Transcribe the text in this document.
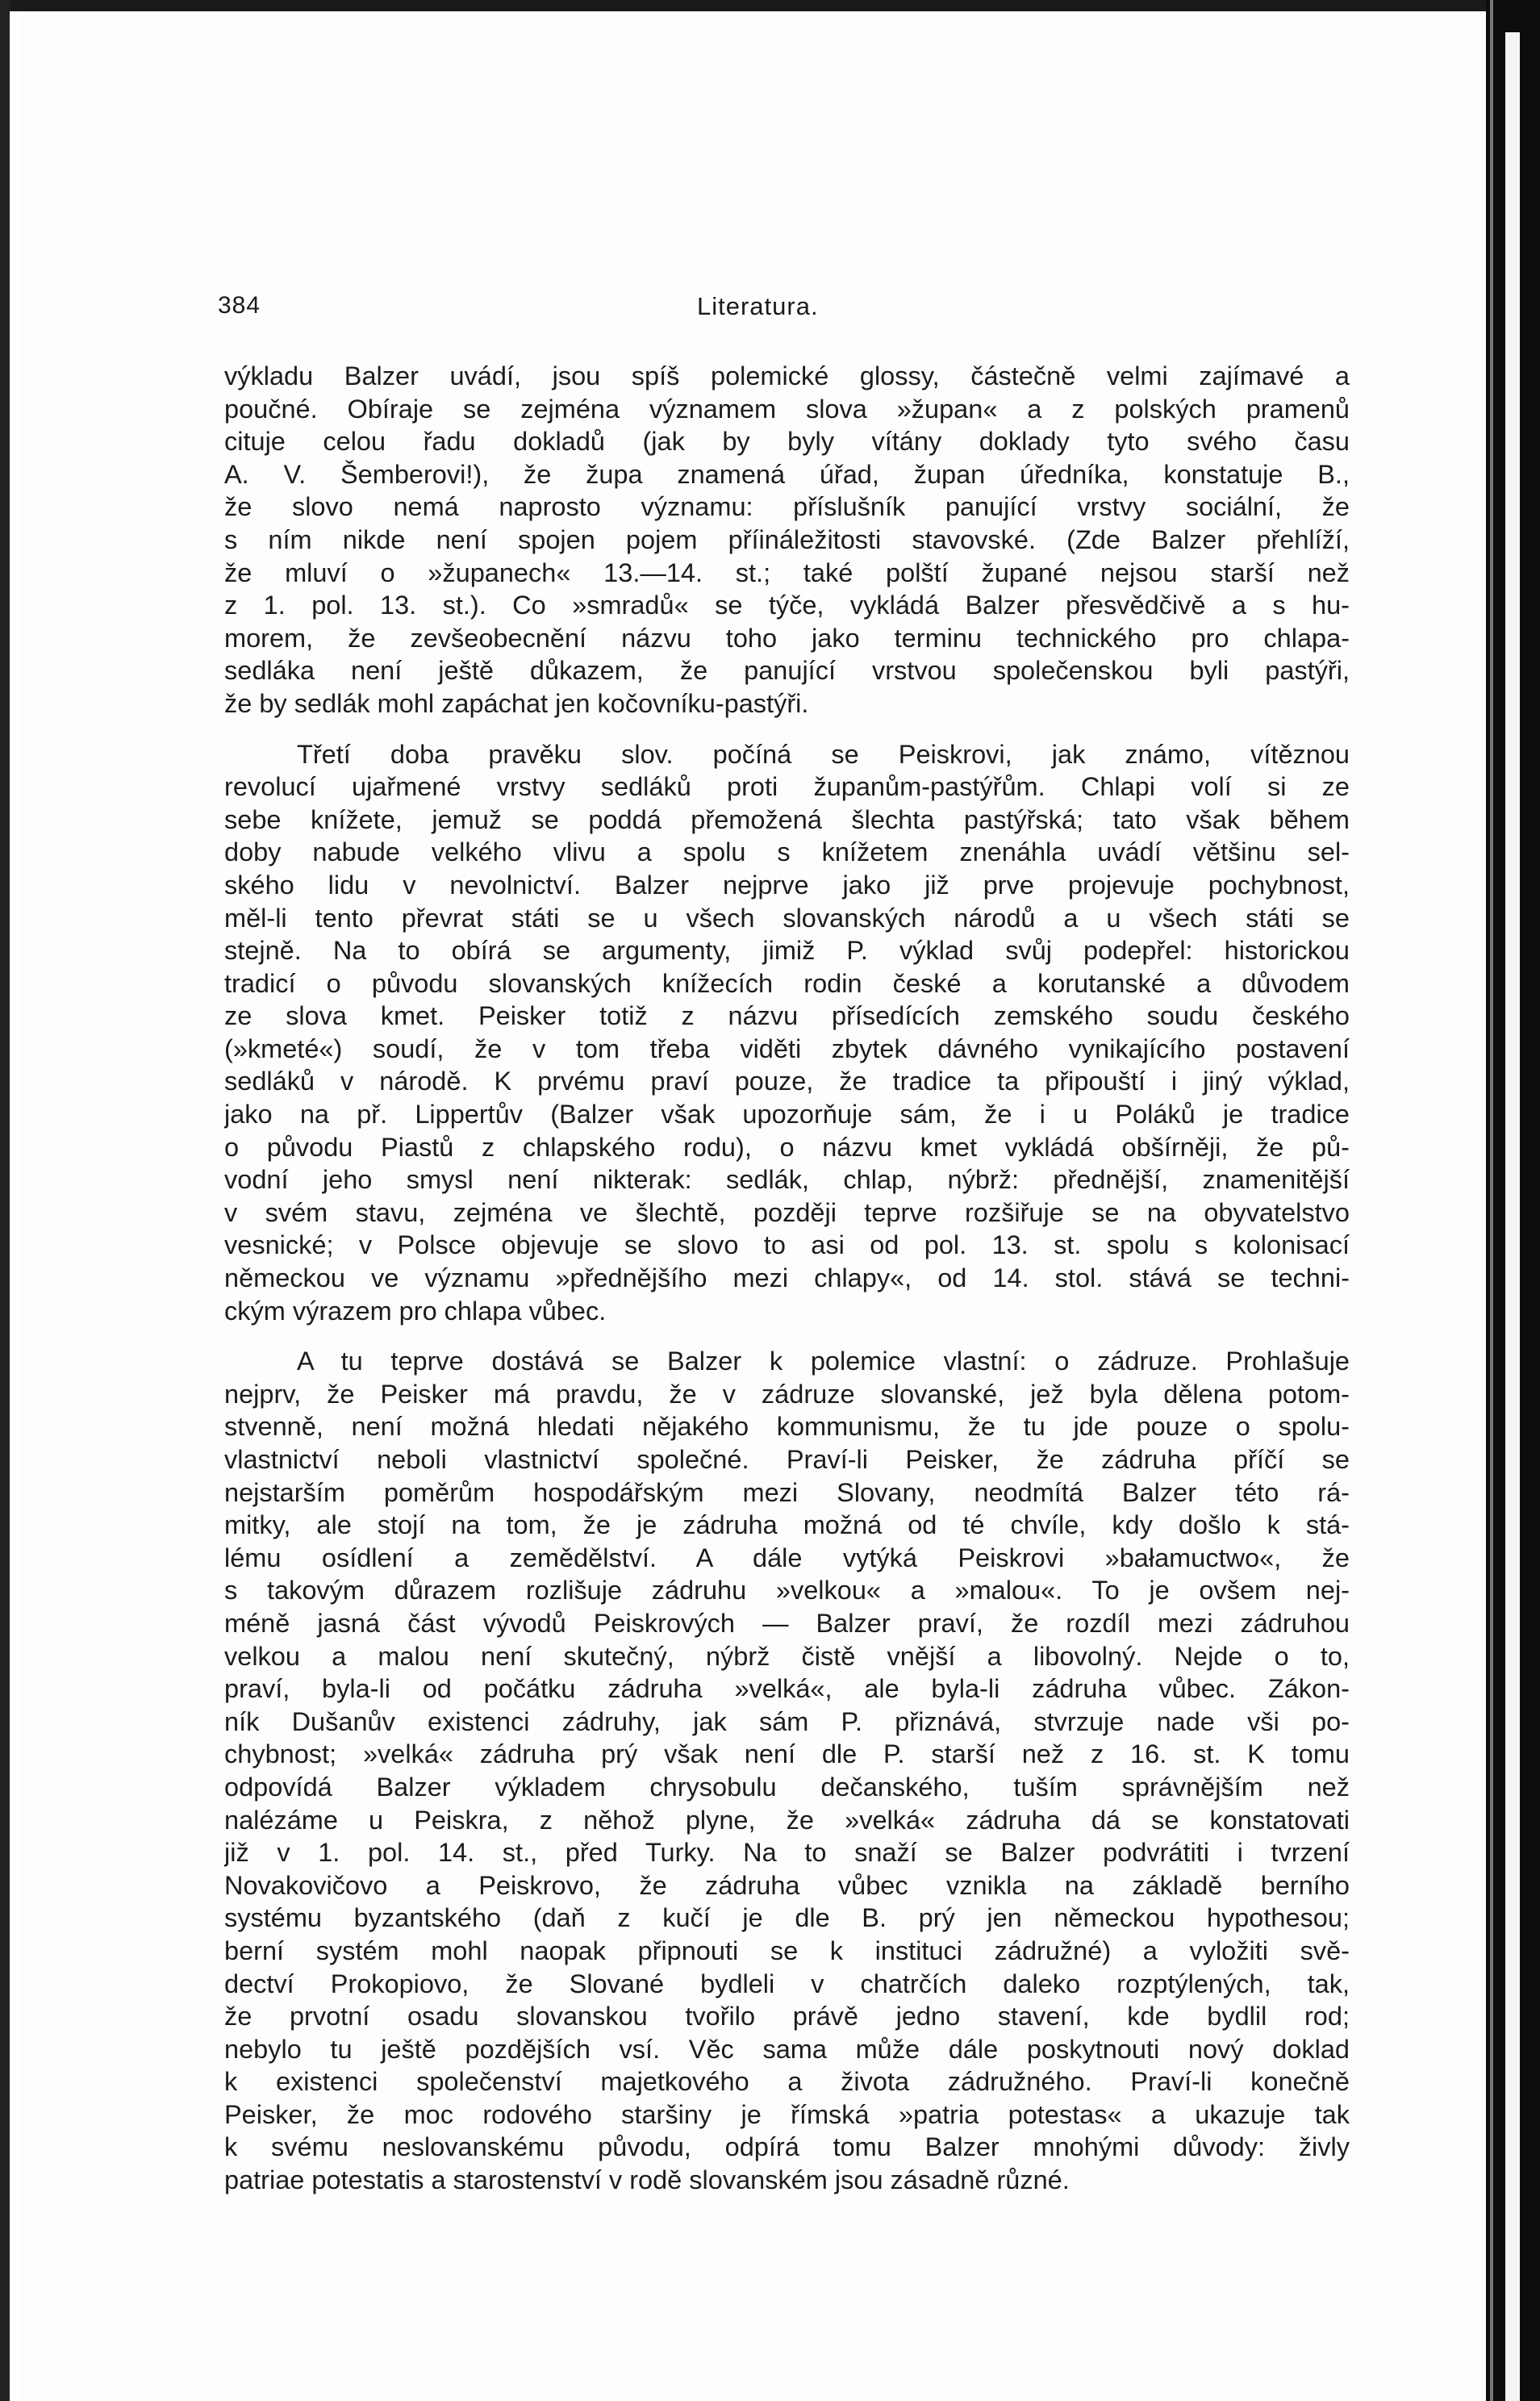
384	Literatura.
výkladu Balzer uvádí, jsou spíš polemické glossy, částečně velmi zajímavé a
poučné. Obíraje se zejména významem slova »župan« a z polských pramenů
cituje celou řadu dokladů (jak by byly vítány doklady tyto svého času
A. V. Šemberovi!), že župa znamená úřad, župan úředníka, konstatuje B.,
že slovo nemá naprosto významu: příslušník panující vrstvy sociální, že
s ním nikde není spojen pojem příináležitosti stavovské. (Zde Balzer přehlíží,
že mluví o »županech« 13.—14. st.; také polští župané nejsou starší než
z 1. pol. 13. st.). Co »smradů« se týče, vykládá Balzer přesvědčivě a s hu-
morem, že zevšeobecnění názvu toho jako terminu technického pro chlapa-
sedláka není ještě důkazem, že panující vrstvou společenskou byli pastýři,
že by sedlák mohl zapáchat jen kočovníku-pastýři.
Třetí doba pravěku slov. počíná se Peiskrovi, jak známo, vítěznou
revolucí ujařmené vrstvy sedláků proti županům-pastýřům. Chlapi volí si ze
sebe knížete, jemuž se poddá přemožená šlechta pastýřská; tato však během
doby nabude velkého vlivu a spolu s knížetem znenáhla uvádí většinu sel-
ského lidu v nevolnictví. Balzer nejprve jako již prve projevuje pochybnost,
měl-li tento převrat státi se u všech slovanských národů a u všech státi se
stejně. Na to obírá se argumenty, jimiž P. výklad svůj podepřel: historickou
tradicí o původu slovanských knížecích rodin české a korutanské a důvodem
ze slova kmet. Peisker totiž z názvu přísedících zemského soudu českého
(»kmeté«) soudí, že v tom třeba viděti zbytek dávného vynikajícího postavení
sedláků v národě. K prvému praví pouze, že tradice ta připouští i jiný výklad,
jako na př. Lippertův (Balzer však upozorňuje sám, že i u Poláků je tradice
o původu Piastů z chlapského rodu), o názvu kmet vykládá obšírněji, že pů-
vodní jeho smysl není nikterak: sedlák, chlap, nýbrž: přednější, znamenitější
v svém stavu, zejména ve šlechtě, později teprve rozšiřuje se na obyvatelstvo
vesnické; v Polsce objevuje se slovo to asi od pol. 13. st. spolu s kolonisací
německou ve významu »přednějšího mezi chlapy«, od 14. stol. stává se techni-
ckým výrazem pro chlapa vůbec.
A tu teprve dostává se Balzer k polemice vlastní: o zádruze. Prohlašuje
nejprv, že Peisker má pravdu, že v zádruze slovanské, jež byla dělena potom-
stvenně, není možná hledati nějakého kommunismu, že tu jde pouze o spolu-
vlastnictví neboli vlastnictví společné. Praví-li Peisker, že zádruha příčí se
nejstarším poměrům hospodářským mezi Slovany, neodmítá Balzer této rá-
mitky, ale stojí na tom, že je zádruha možná od té chvíle, kdy došlo k stá-
lému osídlení a zemědělství. A dále vytýká Peiskrovi »bałamuctwo«, že
s takovým důrazem rozlišuje zádruhu »velkou« a »malou«. To je ovšem nej-
méně jasná část vývodů Peiskrových — Balzer praví, že rozdíl mezi zádruhou
velkou a malou není skutečný, nýbrž čistě vnější a libovolný. Nejde o to,
praví, byla-li od počátku zádruha »velká«, ale byla-li zádruha vůbec. Zákon-
ník Dušanův existenci zádruhy, jak sám P. přiznává, stvrzuje nade vši po-
chybnost; »velká« zádruha prý však není dle P. starší než z 16. st. K tomu
odpovídá Balzer výkladem chrysobulu dečanského, tuším správnějším než
nalézáme u Peiskra, z něhož plyne, že »velká« zádruha dá se konstatovati
již v 1. pol. 14. st., před Turky. Na to snaží se Balzer podvrátiti i tvrzení
Novakovičovo a Peiskrovo, že zádruha vůbec vznikla na základě berního
systému byzantského (daň z kučí je dle B. prý jen německou hypothesou;
berní systém mohl naopak připnouti se k instituci zádružné) a vyložiti svě-
dectví Prokopiovo, že Slované bydleli v chatrčích daleko rozptýlených, tak,
že prvotní osadu slovanskou tvořilo právě jedno stavení, kde bydlil rod;
nebylo tu ještě pozdějších vsí. Věc sama může dále poskytnouti nový doklad
k existenci společenství majetkového a života zádružného. Praví-li konečně
Peisker, že moc rodového staršiny je římská »patria potestas« a ukazuje tak
k svému neslovanskému původu, odpírá tomu Balzer mnohými důvody: živly
patriae potestatis a starostenství v rodě slovanském jsou zásadně různé.
